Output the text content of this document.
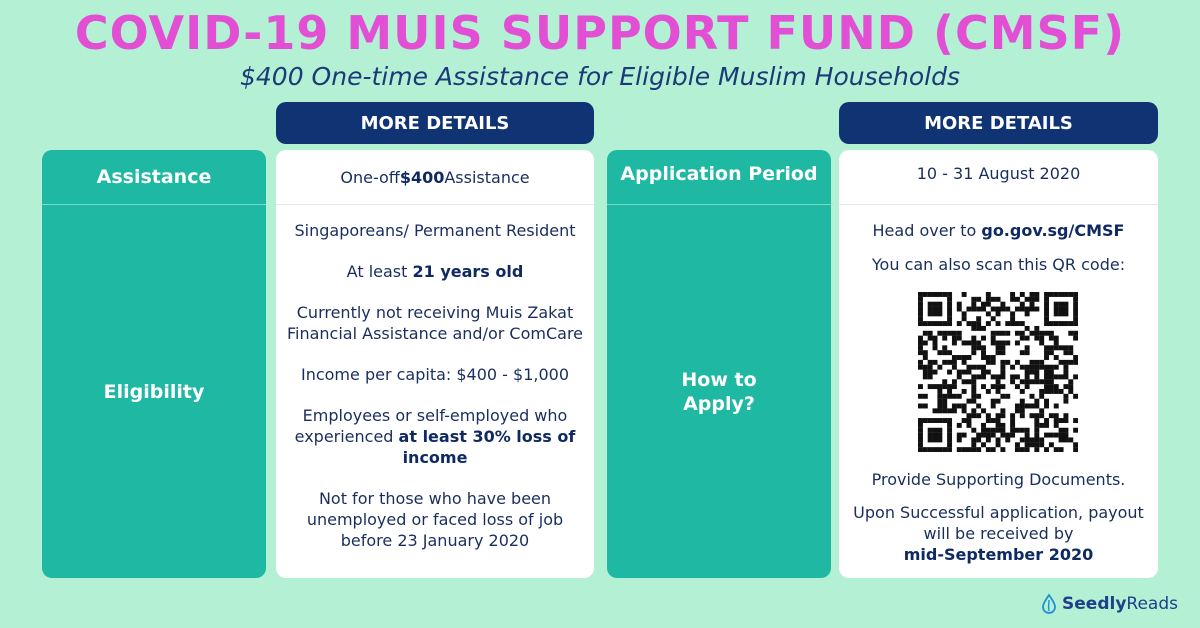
COVID-19 MUIS SUPPORT FUND (CMSF)
$400 One-time Assistance for Eligible Muslim Households
MORE DETAILS	MORE DETAILS
Assistance
Eligibility
One-off $400 Assistance

Singaporeans/ Permanent Resident

At least 21 years old

Currently not receiving Muis Zakat

Financial Assistance and/or ComCare

Income per capita: $400 - $1,000

Employees or self-employed who

experienced at least 30% loss of

income

Not for those who have been

unemployed or faced loss of job

before 23 January 2020

Application Period
How to
Apply?
10 - 31 August 2020

Head over to go.gov.sg/CMSF

You can also scan this QR code:

Provide Supporting Documents.

Upon Successful application, payout

will be received by

mid-September 2020

Seedly Reads
